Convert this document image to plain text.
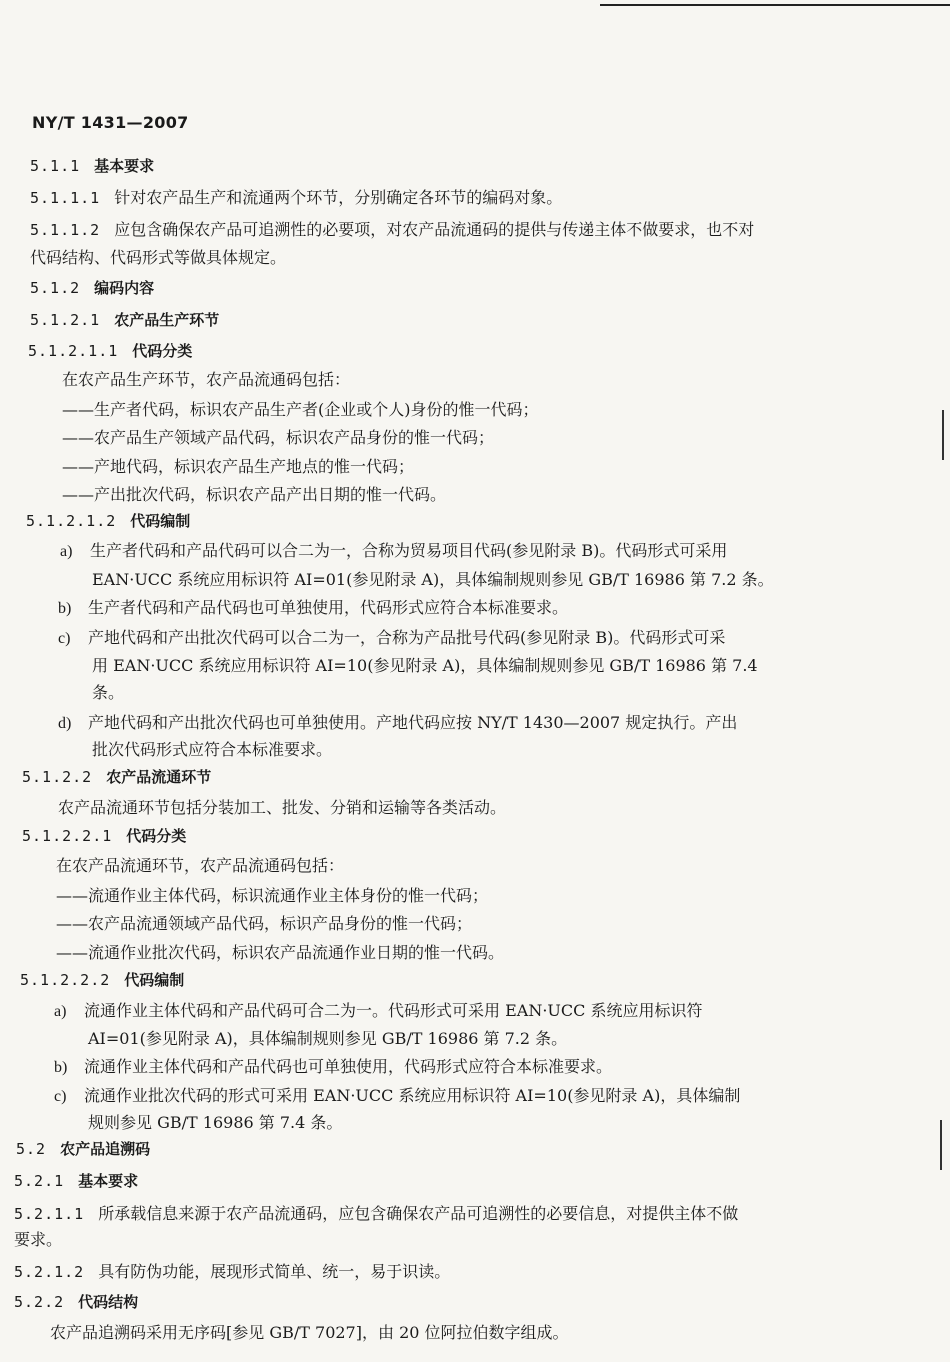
NY/T 1431—2007
5.1.1 基本要求
5.1.1.1 针对农产品生产和流通两个环节，分别确定各环节的编码对象。
5.1.1.2 应包含确保农产品可追溯性的必要项，对农产品流通码的提供与传递主体不做要求，也不对
代码结构、代码形式等做具体规定。
5.1.2 编码内容
5.1.2.1 农产品生产环节
5.1.2.1.1 代码分类
在农产品生产环节，农产品流通码包括：
——生产者代码，标识农产品生产者(企业或个人)身份的惟一代码；
——农产品生产领域产品代码，标识农产品身份的惟一代码；
——产地代码，标识农产品生产地点的惟一代码；
——产出批次代码，标识农产品产出日期的惟一代码。
5.1.2.1.2 代码编制
a) 生产者代码和产品代码可以合二为一，合称为贸易项目代码(参见附录 B)。代码形式可采用
EAN·UCC 系统应用标识符 AI=01(参见附录 A)，具体编制规则参见 GB/T 16986 第 7.2 条。
b) 生产者代码和产品代码也可单独使用，代码形式应符合本标准要求。
c) 产地代码和产出批次代码可以合二为一，合称为产品批号代码(参见附录 B)。代码形式可采
用 EAN·UCC 系统应用标识符 AI=10(参见附录 A)，具体编制规则参见 GB/T 16986 第 7.4
条。
d) 产地代码和产出批次代码也可单独使用。产地代码应按 NY/T 1430—2007 规定执行。产出
批次代码形式应符合本标准要求。
5.1.2.2 农产品流通环节
农产品流通环节包括分装加工、批发、分销和运输等各类活动。
5.1.2.2.1 代码分类
在农产品流通环节，农产品流通码包括：
——流通作业主体代码，标识流通作业主体身份的惟一代码；
——农产品流通领域产品代码，标识产品身份的惟一代码；
——流通作业批次代码，标识农产品流通作业日期的惟一代码。
5.1.2.2.2 代码编制
a) 流通作业主体代码和产品代码可合二为一。代码形式可采用 EAN·UCC 系统应用标识符
AI=01(参见附录 A)，具体编制规则参见 GB/T 16986 第 7.2 条。
b) 流通作业主体代码和产品代码也可单独使用，代码形式应符合本标准要求。
c) 流通作业批次代码的形式可采用 EAN·UCC 系统应用标识符 AI=10(参见附录 A)，具体编制
规则参见 GB/T 16986 第 7.4 条。
5.2 农产品追溯码
5.2.1 基本要求
5.2.1.1 所承载信息来源于农产品流通码，应包含确保农产品可追溯性的必要信息，对提供主体不做
要求。
5.2.1.2 具有防伪功能，展现形式简单、统一，易于识读。
5.2.2 代码结构
农产品追溯码采用无序码[参见 GB/T 7027]，由 20 位阿拉伯数字组成。
